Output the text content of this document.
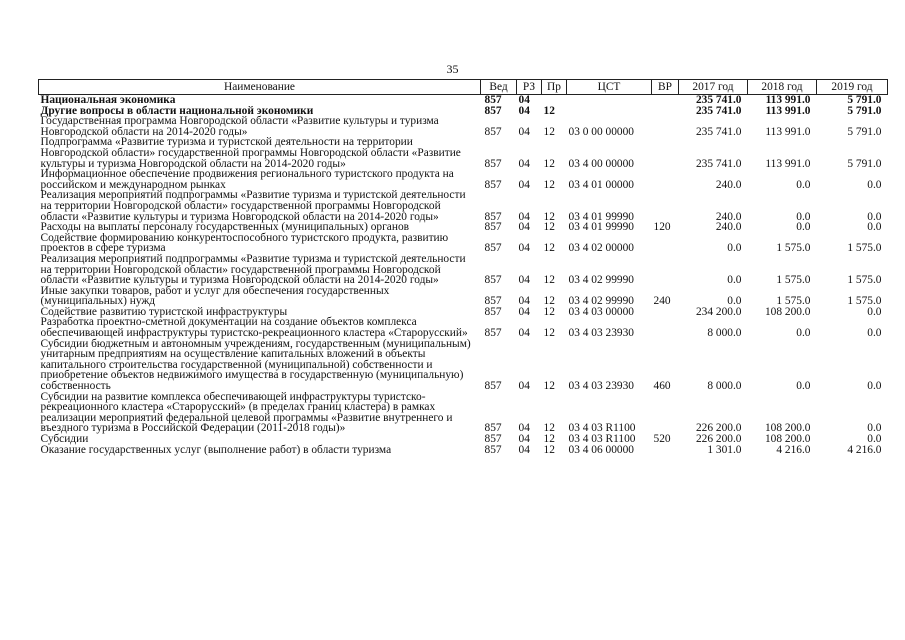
35
Наименование	Вед	РЗ	Пр	ЦСТ	ВР	2017 год	2018 год	2019 год
Национальная экономика	857	04				235 741.0	113 991.0	5 791.0
Другие вопросы в области национальной экономики	857	04	12			235 741.0	113 991.0	5 791.0
Государственная программа Новгородской области «Развитие культуры и туризма Новгородской области на 2014-2020 годы»	857	04	12	03 0 00 00000		235 741.0	113 991.0	5 791.0
Подпрограмма «Развитие туризма и туристской деятельности на территории Новгородской области» государственной программы Новгородской области «Развитие культуры и туризма Новгородской области на 2014-2020 годы»	857	04	12	03 4 00 00000		235 741.0	113 991.0	5 791.0
Информационное обеспечение продвижения регионального туристского продукта на российском и международном рынках	857	04	12	03 4 01 00000		240.0	0.0	0.0
Реализация мероприятий подпрограммы «Развитие туризма и туристской деятельности на территории Новгородской области» государственной программы Новгородской области «Развитие культуры и туризма Новгородской области на 2014-2020 годы»	857	04	12	03 4 01 99990		240.0	0.0	0.0
Расходы на выплаты персоналу государственных (муниципальных) органов	857	04	12	03 4 01 99990	120	240.0	0.0	0.0
Содействие формированию конкурентоспособного туристского продукта, развитию проектов в сфере туризма	857	04	12	03 4 02 00000		0.0	1 575.0	1 575.0
Реализация мероприятий подпрограммы «Развитие туризма и туристской деятельности на территории Новгородской области» государственной программы Новгородской области «Развитие культуры и туризма Новгородской области на 2014-2020 годы»	857	04	12	03 4 02 99990		0.0	1 575.0	1 575.0
Иные закупки товаров, работ и услуг для обеспечения государственных (муниципальных) нужд	857	04	12	03 4 02 99990	240	0.0	1 575.0	1 575.0
Содействие развитию туристской инфраструктуры	857	04	12	03 4 03 00000		234 200.0	108 200.0	0.0
Разработка проектно-сметной документации на создание объектов комплекса обеспечивающей инфраструктуры туристско-рекреационного кластера «Старорусский»	857	04	12	03 4 03 23930		8 000.0	0.0	0.0
Субсидии бюджетным и автономным учреждениям, государственным (муниципальным) унитарным предприятиям на осуществление капитальных вложений в объекты капитального строительства государственной (муниципальной) собственности и приобретение объектов недвижимого имущества в государственную (муниципальную) собственность	857	04	12	03 4 03 23930	460	8 000.0	0.0	0.0
Субсидии на развитие комплекса обеспечивающей инфраструктуры туристско-рекреационного кластера «Старорусский» (в пределах границ кластера) в рамках реализации мероприятий федеральной целевой программы «Развитие внутреннего и въездного туризма в Российской Федерации (2011-2018 годы)»	857	04	12	03 4 03 R1100		226 200.0	108 200.0	0.0
Субсидии	857	04	12	03 4 03 R1100	520	226 200.0	108 200.0	0.0
Оказание государственных услуг (выполнение работ) в области туризма	857	04	12	03 4 06 00000		1 301.0	4 216.0	4 216.0
